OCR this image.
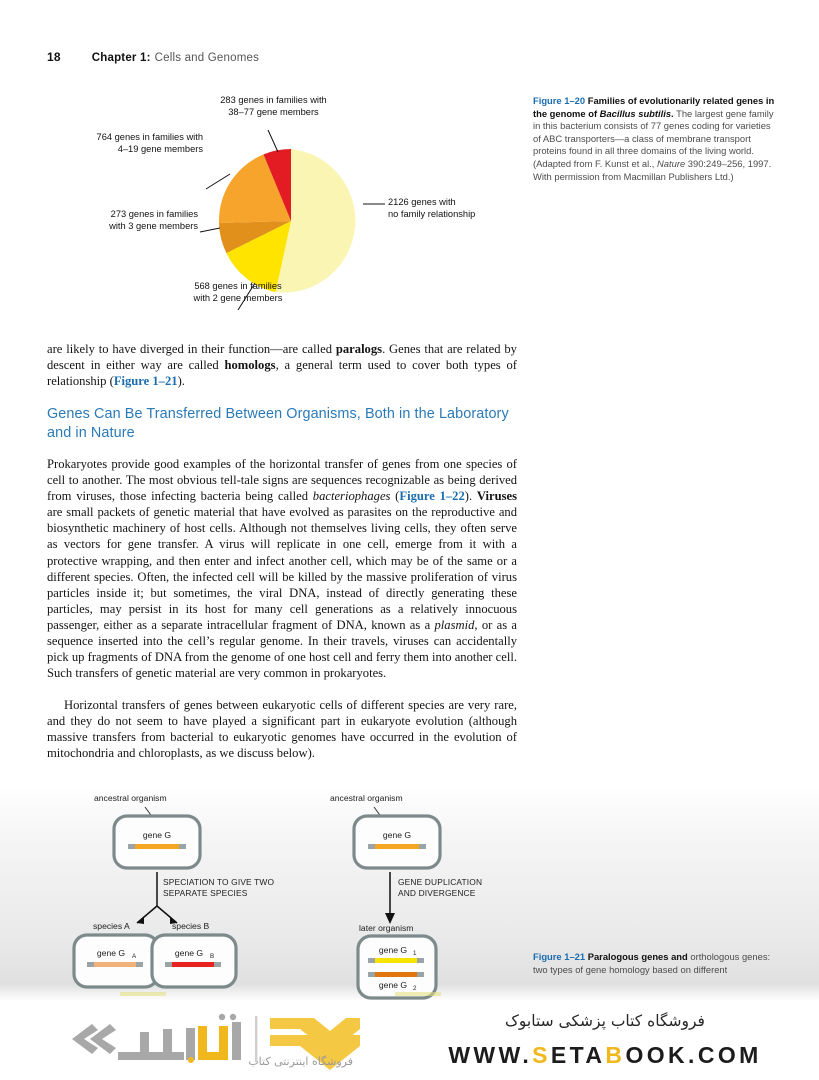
18	Chapter 1: Cells and Genomes
283 genes in families with
38–77 gene members
764 genes in families with
4–19 gene members
273 genes in families
with 3 gene members
568 genes in families
with 2 gene members
2126 genes with
no family relationship
Figure 1–20 Families of evolutionarily related genes in the genome of Bacillus subtilis. The largest gene family in this bacterium consists of 77 genes coding for varieties of ABC transporters—a class of membrane transport proteins found in all three domains of the living world. (Adapted from F. Kunst et al., Nature 390:249–256, 1997. With permission from Macmillan Publishers Ltd.)

are likely to have diverged in their function—are called paralogs. Genes that are related by descent in either way are called homologs, a general term used to cover both types of relationship (Figure 1–21).

Genes Can Be Transferred Between Organisms, Both in the Laboratory and in Nature

Prokaryotes provide good examples of the horizontal transfer of genes from one species of cell to another. The most obvious tell-tale signs are sequences recognizable as being derived from viruses, those infecting bacteria being called bacteriophages (Figure 1–22). Viruses are small packets of genetic material that have evolved as parasites on the reproductive and biosynthetic machinery of host cells. Although not themselves living cells, they often serve as vectors for gene transfer. A virus will replicate in one cell, emerge from it with a protective wrapping, and then enter and infect another cell, which may be of the same or a different species. Often, the infected cell will be killed by the massive proliferation of virus particles inside it; but sometimes, the viral DNA, instead of directly generating these particles, may persist in its host for many cell generations as a relatively innocuous passenger, either as a separate intracellular fragment of DNA, known as a plasmid, or as a sequence inserted into the cell’s regular genome. In their travels, viruses can accidentally pick up fragments of DNA from the genome of one host cell and ferry them into another cell. Such transfers of genetic material are very common in prokaryotes.

Horizontal transfers of genes between eukaryotic cells of different species are very rare, and they do not seem to have played a significant part in eukaryote evolution (although massive transfers from bacterial to eukaryotic genomes have occurred in the evolution of mitochondria and chloroplasts, as we discuss below).

ancestral organism
gene G
SPECIATION TO GIVE TWO
SEPARATE SPECIES
species A
gene G A
species B
gene G B
ancestral organism
gene G
GENE DUPLICATION
AND DIVERGENCE
later organism
gene G 1
gene G 2
Figure 1–21 Paralogous genes and orthologous genes: two types of gene homology based on different
فروشگاه اینترنتی کتاب
فروشگاه کتاب پزشکی ستابوک
WWW.SETABOOK.COM
